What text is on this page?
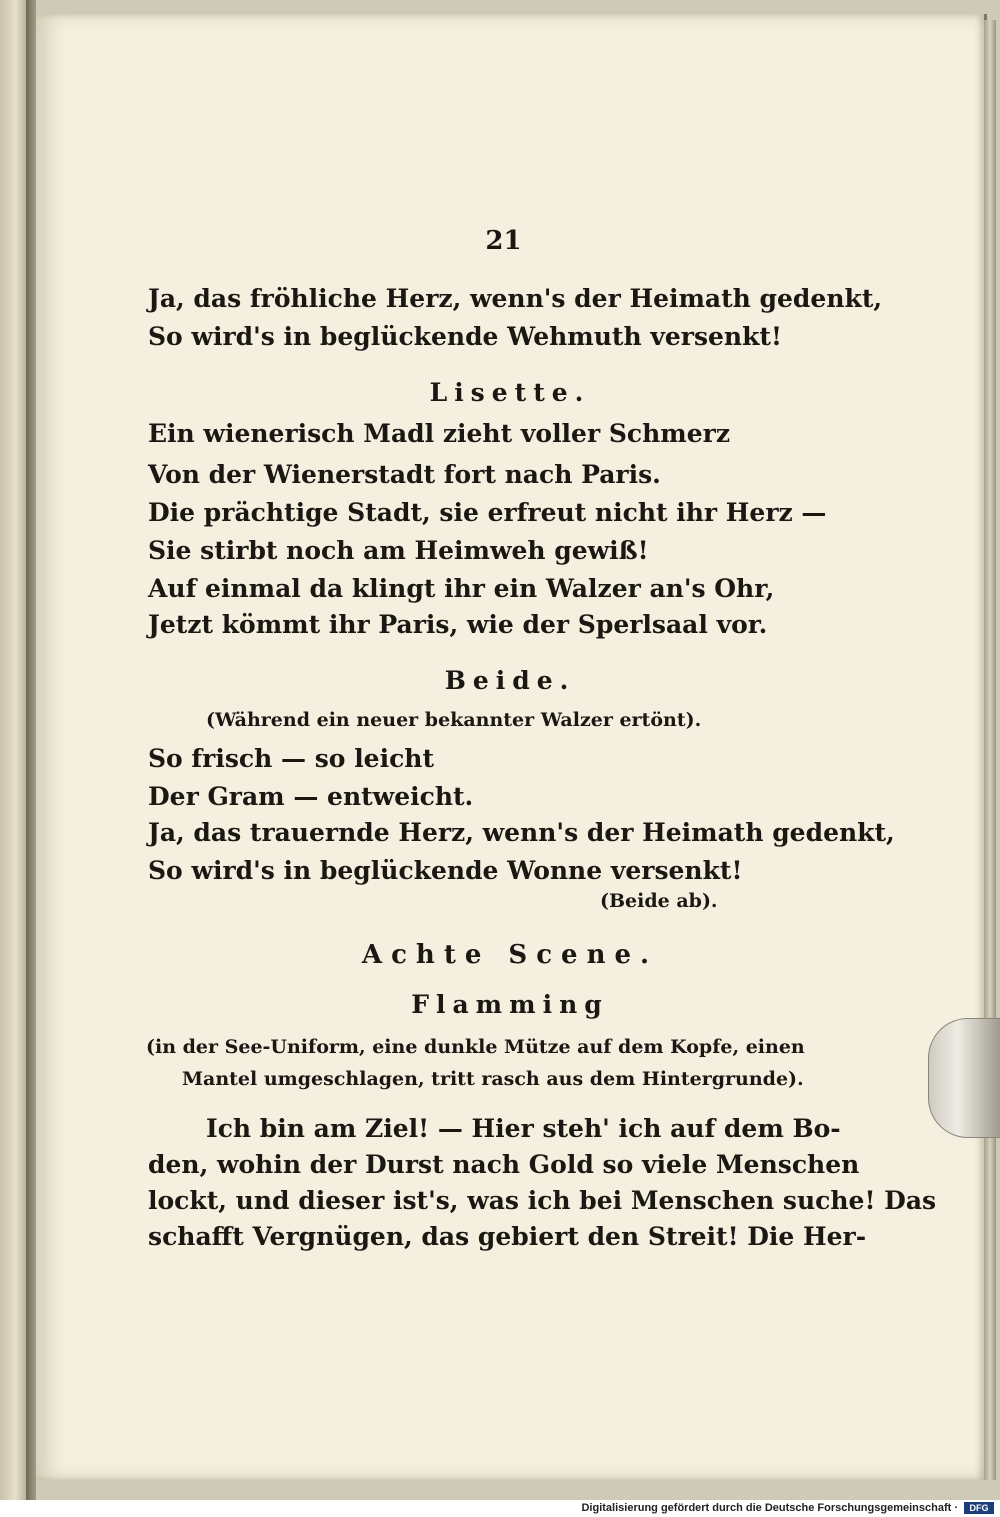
21
Ja, das fröhliche Herz, wenn's der Heimath gedenkt,
So wird's in beglückende Wehmuth versenkt!
Lisette.
Ein wienerisch Madl zieht voller Schmerz
Von der Wienerstadt fort nach Paris.
Die prächtige Stadt, sie erfreut nicht ihr Herz —
Sie stirbt noch am Heimweh gewiß!
Auf einmal da klingt ihr ein Walzer an's Ohr,
Jetzt kömmt ihr Paris, wie der Sperlsaal vor.
Beide.
(Während ein neuer bekannter Walzer ertönt).
So frisch — so leicht
Der Gram — entweicht.
Ja, das trauernde Herz, wenn's der Heimath gedenkt,
So wird's in beglückende Wonne versenkt!
(Beide ab).
Achte Scene.
Flamming
(in der See-Uniform, eine dunkle Mütze auf dem Kopfe, einen
Mantel umgeschlagen, tritt rasch aus dem Hintergrunde).
Ich bin am Ziel! — Hier steh' ich auf dem Bo-
den, wohin der Durst nach Gold so viele Menschen
lockt, und dieser ist's, was ich bei Menschen suche! Das
schafft Vergnügen, das gebiert den Streit! Die Her-
Digitalisierung gefördert durch die Deutsche Forschungsgemeinschaft ·	DFG
